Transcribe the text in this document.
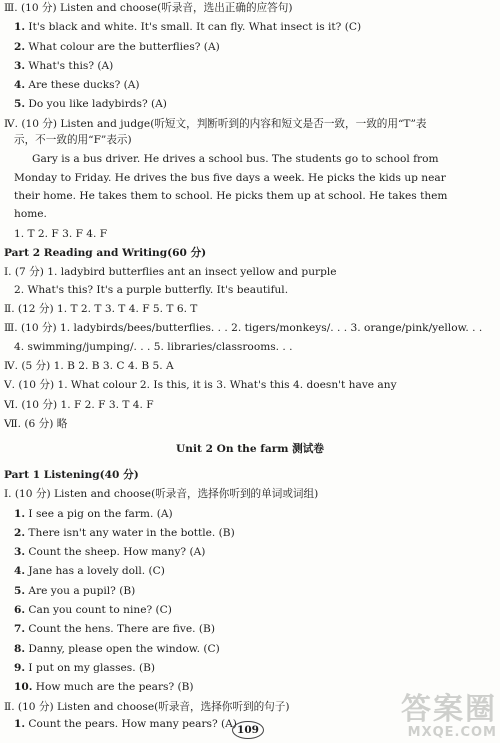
Ⅲ. (10 分) Listen and choose(听录音，选出正确的应答句)
1. It's black and white. It's small. It can fly. What insect is it? (C)
2. What colour are the butterflies? (A)
3. What's this? (A)
4. Are these ducks? (A)
5. Do you like ladybirds? (A)
Ⅳ. (10 分) Listen and judge(听短文，判断听到的内容和短文是否一致，一致的用“T”表
示，不一致的用“F”表示)
Gary is a bus driver. He drives a school bus. The students go to school from
Monday to Friday. He drives the bus five days a week. He picks the kids up near
their home. He takes them to school. He picks them up at school. He takes them
home.
1. T 2. F 3. F 4. F
Part 2 Reading and Writing(60 分)
Ⅰ. (7 分) 1. ladybird butterflies ant an insect yellow and purple
2. What's this? It's a purple butterfly. It's beautiful.
Ⅱ. (12 分) 1. T 2. T 3. T 4. F 5. T 6. T
Ⅲ. (10 分) 1. ladybirds/bees/butterflies. . . 2. tigers/monkeys/. . . 3. orange/pink/yellow. . .
4. swimming/jumping/. . . 5. libraries/classrooms. . .
Ⅳ. (5 分) 1. B 2. B 3. C 4. B 5. A
Ⅴ. (10 分) 1. What colour 2. Is this, it is 3. What's this 4. doesn't have any
Ⅵ. (10 分) 1. F 2. F 3. T 4. F
Ⅶ. (6 分) 略
Unit 2 On the farm 测试卷
Part 1 Listening(40 分)
Ⅰ. (10 分) Listen and choose(听录音，选择你听到的单词或词组)
1. I see a pig on the farm. (A)
2. There isn't any water in the bottle. (B)
3. Count the sheep. How many? (A)
4. Jane has a lovely doll. (C)
5. Are you a pupil? (B)
6. Can you count to nine? (C)
7. Count the hens. There are five. (B)
8. Danny, please open the window. (C)
9. I put on my glasses. (B)
10. How much are the pears? (B)
Ⅱ. (10 分) Listen and choose(听录音，选择你听到的句子)
1. Count the pears. How many pears? (A) 109
答案圈
MXQE.COM
